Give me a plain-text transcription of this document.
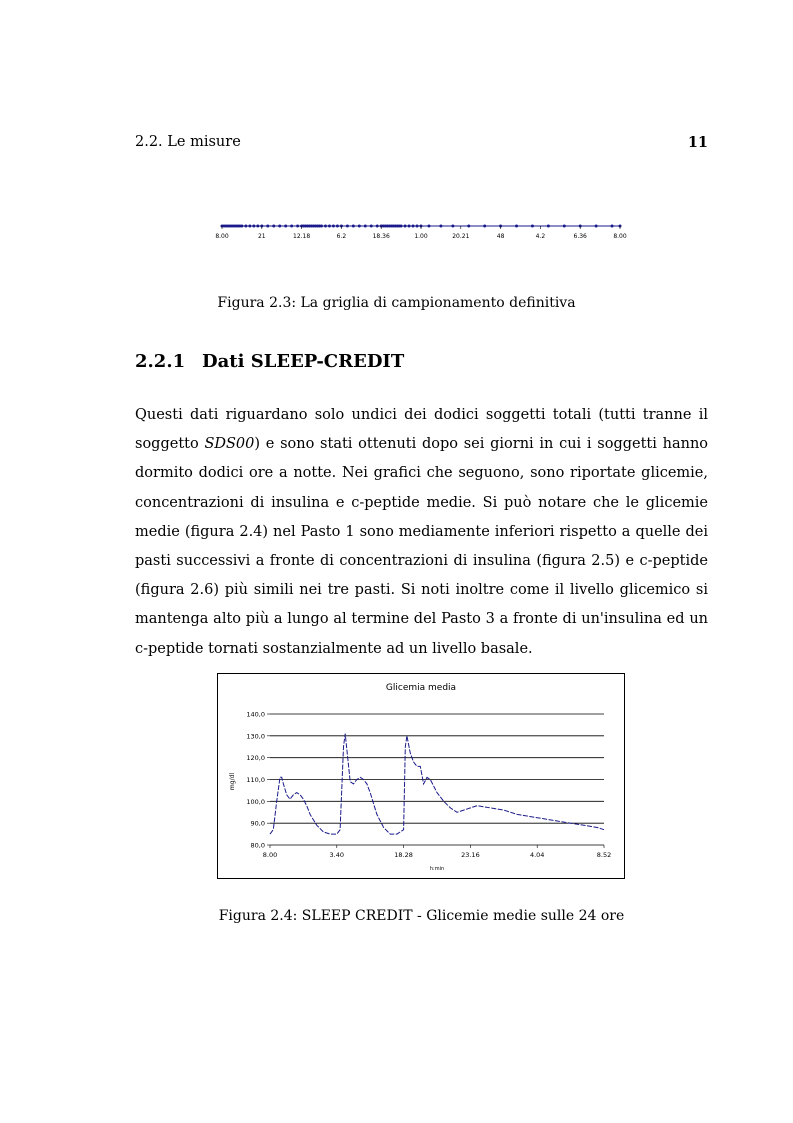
2.2. Le misure	11
8.00	21	12.18	6.2	18.36	1.00	20.21	48	4.2	6.36	8.00
Figura 2.3: La griglia di campionamento definitiva
2.2.1 Dati SLEEP-CREDIT

Questi dati riguardano solo undici dei dodici soggetti totali (tutti tranne il soggetto SDS00) e sono stati ottenuti dopo sei giorni in cui i soggetti hanno dormito dodici ore a notte. Nei grafici che seguono, sono riportate glicemie, concentrazioni di insulina e c-peptide medie. Si può notare che le glicemie medie (figura 2.4) nel Pasto 1 sono mediamente inferiori rispetto a quelle dei pasti successivi a fronte di concentrazioni di insulina (figura 2.5) e c-peptide (figura 2.6) più simili nei tre pasti. Si noti inoltre come il livello glicemico si mantenga alto più a lungo al termine del Pasto 3 a fronte di un'insulina ed un c-peptide tornati sostanzialmente ad un livello basale.

Glicemia media
80,0
90,0
100,0
110,0
120,0
130,0
140,0
8.00	3.40	18.28	23.16	4.04	8.52
h:min
mg/dl
Figura 2.4: SLEEP CREDIT - Glicemie medie sulle 24 ore
